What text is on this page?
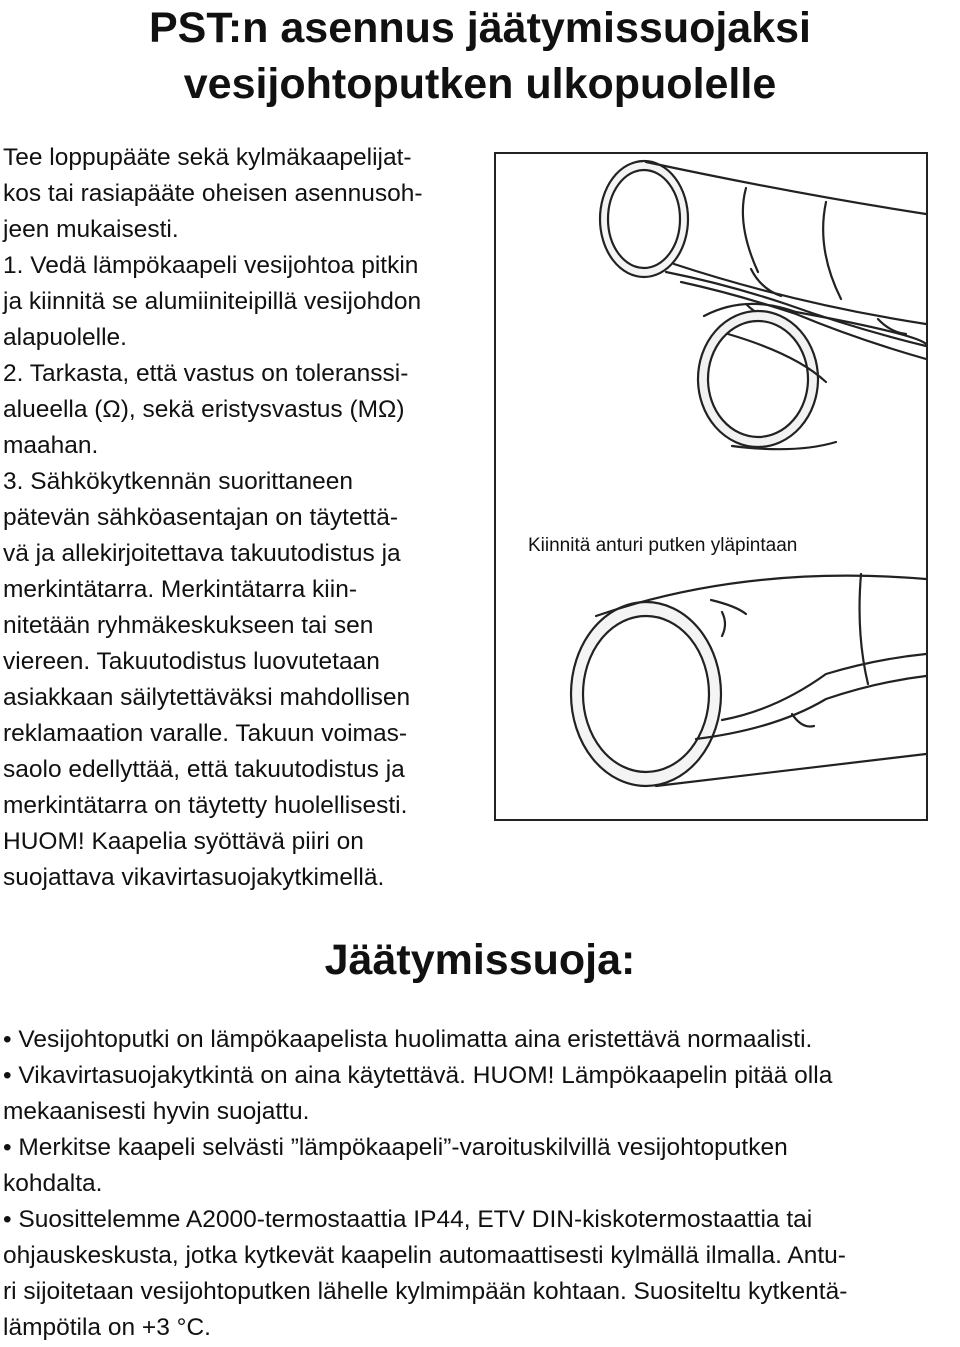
PST:n asennus jäätymissuojaksi
vesijohtoputken ulkopuolelle
Tee loppupääte sekä kylmäkaapelijat-
kos tai rasiapääte oheisen asennusoh-
jeen mukaisesti.
1. Vedä lämpökaapeli vesijohtoa pitkin
ja kiinnitä se alumiiniteipillä vesijohdon
alapuolelle.
2. Tarkasta, että vastus on toleranssi-
alueella (Ω), sekä eristysvastus (MΩ)
maahan.
3. Sähkökytkennän suorittaneen
pätevän sähköasentajan on täytettä-
vä ja allekirjoitettava takuutodistus ja
merkintätarra. Merkintätarra kiin-
nitetään ryhmäkeskukseen tai sen
viereen. Takuutodistus luovutetaan
asiakkaan säilytettäväksi mahdollisen
reklamaation varalle. Takuun voimas-
saolo edellyttää, että takuutodistus ja
merkintätarra on täytetty huolellisesti.
HUOM! Kaapelia syöttävä piiri on
suojattava vikavirtasuojakytkimellä.
Kiinnitä anturi putken yläpintaan
Jäätymissuoja:
• Vesijohtoputki on lämpökaapelista huolimatta aina eristettävä normaalisti.
• Vikavirtasuojakytkintä on aina käytettävä. HUOM! Lämpökaapelin pitää olla
mekaanisesti hyvin suojattu.
• Merkitse kaapeli selvästi ”lämpökaapeli”-varoituskilvillä vesijohtoputken
kohdalta.
• Suosittelemme A2000-termostaattia IP44, ETV DIN-kiskotermostaattia tai
ohjauskeskusta, jotka kytkevät kaapelin automaattisesti kylmällä ilmalla. Antu-
ri sijoitetaan vesijohtoputken lähelle kylmimpään kohtaan. Suositeltu kytkentä-
lämpötila on +3 °C.
